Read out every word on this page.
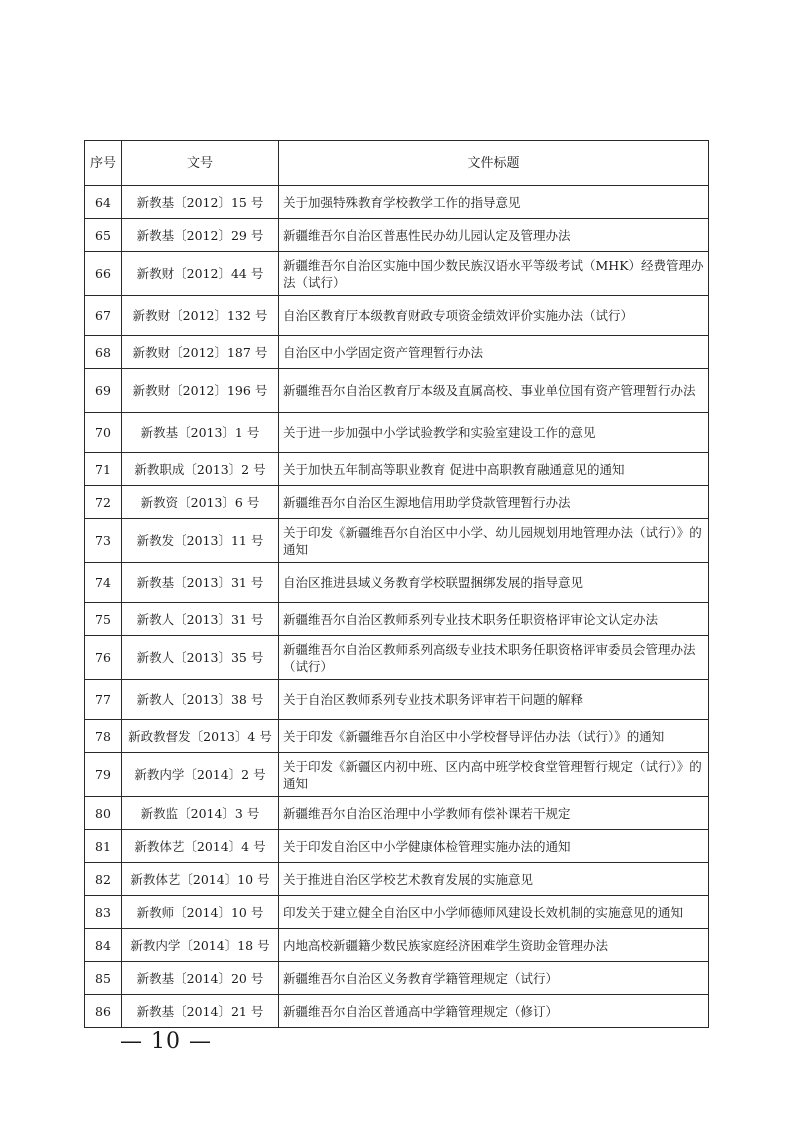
序号	文号	文件标题
64	新教基〔2012〕15 号	关于加强特殊教育学校教学工作的指导意见
65	新教基〔2012〕29 号	新疆维吾尔自治区普惠性民办幼儿园认定及管理办法
66	新教财〔2012〕44 号	新疆维吾尔自治区实施中国少数民族汉语水平等级考试（MHK）经费管理办法（试行）
67	新教财〔2012〕132 号	自治区教育厅本级教育财政专项资金绩效评价实施办法（试行）
68	新教财〔2012〕187 号	自治区中小学固定资产管理暂行办法
69	新教财〔2012〕196 号	新疆维吾尔自治区教育厅本级及直属高校、事业单位国有资产管理暂行办法
70	新教基〔2013〕1 号	关于进一步加强中小学试验教学和实验室建设工作的意见
71	新教职成〔2013〕2 号	关于加快五年制高等职业教育 促进中高职教育融通意见的通知
72	新教资〔2013〕6 号	新疆维吾尔自治区生源地信用助学贷款管理暂行办法
73	新教发〔2013〕11 号	关于印发《新疆维吾尔自治区中小学、幼儿园规划用地管理办法（试行）》的通知
74	新教基〔2013〕31 号	自治区推进县域义务教育学校联盟捆绑发展的指导意见
75	新教人〔2013〕31 号	新疆维吾尔自治区教师系列专业技术职务任职资格评审论文认定办法
76	新教人〔2013〕35 号	新疆维吾尔自治区教师系列高级专业技术职务任职资格评审委员会管理办法（试行）
77	新教人〔2013〕38 号	关于自治区教师系列专业技术职务评审若干问题的解释
78	新政教督发〔2013〕4 号	关于印发《新疆维吾尔自治区中小学校督导评估办法（试行）》的通知
79	新教内学〔2014〕2 号	关于印发《新疆区内初中班、区内高中班学校食堂管理暂行规定（试行）》的通知
80	新教监〔2014〕3 号	新疆维吾尔自治区治理中小学教师有偿补课若干规定
81	新教体艺〔2014〕4 号	关于印发自治区中小学健康体检管理实施办法的通知
82	新教体艺〔2014〕10 号	关于推进自治区学校艺术教育发展的实施意见
83	新教师〔2014〕10 号	印发关于建立健全自治区中小学师德师风建设长效机制的实施意见的通知
84	新教内学〔2014〕18 号	内地高校新疆籍少数民族家庭经济困难学生资助金管理办法
85	新教基〔2014〕20 号	新疆维吾尔自治区义务教育学籍管理规定（试行）
86	新教基〔2014〕21 号	新疆维吾尔自治区普通高中学籍管理规定（修订）
— 10 —
